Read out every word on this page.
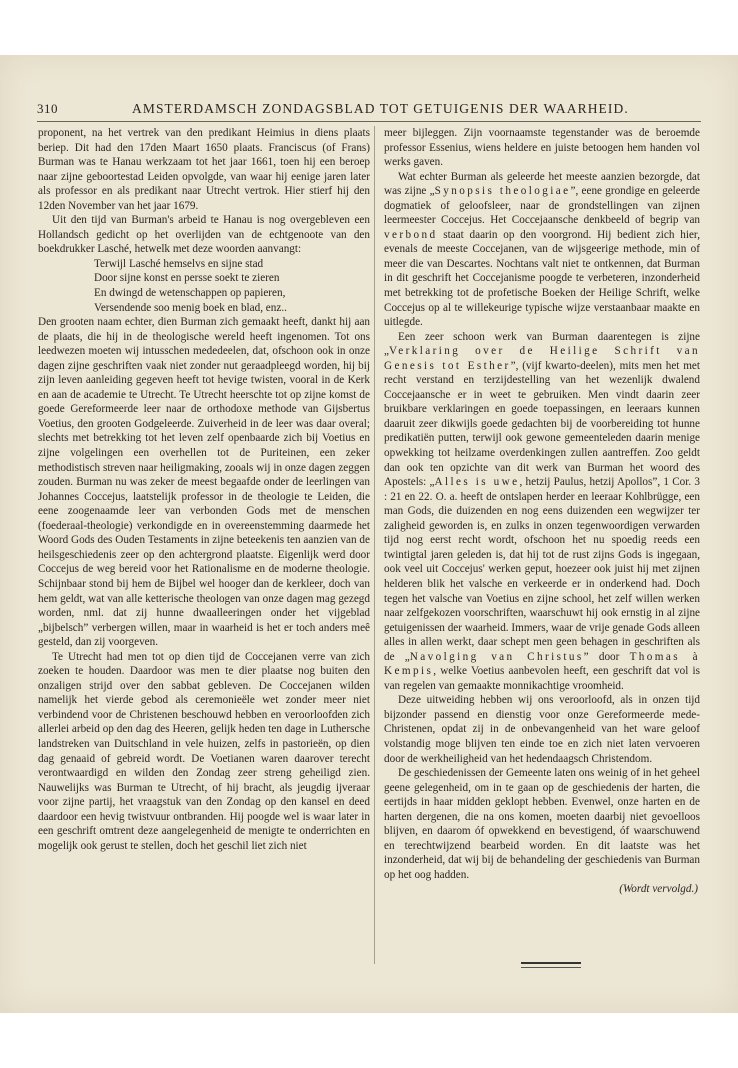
310	AMSTERDAMSCH ZONDAGSBLAD TOT GETUIGENIS DER WAARHEID.

proponent, na het vertrek van den predikant Heimius in diens plaats beriep. Dit had den 17den Maart 1650 plaats. Franciscus (of Frans) Burman was te Hanau werkzaam tot het jaar 1661, toen hij een beroep naar zijne geboortestad Leiden opvolgde, van waar hij eenige jaren later als professor en als predikant naar Utrecht vertrok. Hier stierf hij den 12den November van het jaar 1679.

Uit den tijd van Burman's arbeid te Hanau is nog overgebleven een Hollandsch gedicht op het overlijden van de echtgenoote van den boekdrukker Lasché, hetwelk met deze woorden aanvangt:

Terwijl Lasché hemselvs en sijne stad
Door sijne konst en persse soekt te zieren
En dwingd de wetenschappen op papieren,
Versendende soo menig boek en blad, enz..

Den grooten naam echter, dien Burman zich gemaakt heeft, dankt hij aan de plaats, die hij in de theologische wereld heeft ingenomen. Tot ons leedwezen moeten wij intusschen mededeelen, dat, ofschoon ook in onze dagen zijne geschriften vaak niet zonder nut geraadpleegd worden, hij bij zijn leven aanleiding gegeven heeft tot hevige twisten, vooral in de Kerk en aan de academie te Utrecht. Te Utrecht heerschte tot op zijne komst de goede Gereformeerde leer naar de orthodoxe methode van Gijsbertus Voetius, den grooten Godgeleerde. Zuiverheid in de leer was daar overal; slechts met betrekking tot het leven zelf openbaarde zich bij Voetius en zijne volgelingen een overhellen tot de Puriteinen, een zeker methodistisch streven naar heiligmaking, zooals wij in onze dagen zeggen zouden. Burman nu was zeker de meest begaafde onder de leerlingen van Johannes Coccejus, laatstelijk professor in de theologie te Leiden, die eene zoogenaamde leer van verbonden Gods met de menschen (foederaal-theologie) verkondigde en in overeenstemming daarmede het Woord Gods des Ouden Testaments in zijne beteekenis ten aanzien van de heilsgeschiedenis zeer op den achtergrond plaatste. Eigenlijk werd door Coccejus de weg bereid voor het Rationalisme en de moderne theologie. Schijnbaar stond bij hem de Bijbel wel hooger dan de kerkleer, doch van hem geldt, wat van alle ketterische theologen van onze dagen mag gezegd worden, nml. dat zij hunne dwaalleeringen onder het vijgeblad „bijbelsch” verbergen willen, maar in waarheid is het er toch anders meê gesteld, dan zij voorgeven.

Te Utrecht had men tot op dien tijd de Coccejanen verre van zich zoeken te houden. Daardoor was men te dier plaatse nog buiten den onzaligen strijd over den sabbat gebleven. De Coccejanen wilden namelijk het vierde gebod als ceremonieële wet zonder meer niet verbindend voor de Christenen beschouwd hebben en veroorloofden zich allerlei arbeid op den dag des Heeren, gelijk heden ten dage in Luthersche landstreken van Duitschland in vele huizen, zelfs in pastorieën, op dien dag genaaid of gebreid wordt. De Voetianen waren daarover terecht verontwaardigd en wilden den Zondag zeer streng geheiligd zien. Nauwelijks was Burman te Utrecht, of hij bracht, als jeugdig ijveraar voor zijne partij, het vraagstuk van den Zondag op den kansel en deed daardoor een hevig twistvuur ontbranden. Hij poogde wel is waar later in een geschrift omtrent deze aangelegenheid de menigte te onderrichten en mogelijk ook gerust te stellen, doch het geschil liet zich niet

meer bijleggen. Zijn voornaamste tegenstander was de beroemde professor Essenius, wiens heldere en juiste betoogen hem handen vol werks gaven.

Wat echter Burman als geleerde het meeste aanzien bezorgde, dat was zijne „Synopsis theologiae”, eene grondige en geleerde dogmatiek of geloofsleer, naar de grondstellingen van zijnen leermeester Coccejus. Het Coccejaansche denkbeeld of begrip van verbond staat daarin op den voorgrond. Hij bedient zich hier, evenals de meeste Coccejanen, van de wijsgeerige methode, min of meer die van Descartes. Nochtans valt niet te ontkennen, dat Burman in dit geschrift het Coccejanisme poogde te verbeteren, inzonderheid met betrekking tot de profetische Boeken der Heilige Schrift, welke Coccejus op al te willekeurige typische wijze verstaanbaar maakte en uitlegde.

Een zeer schoon werk van Burman daarentegen is zijne „Verklaring over de Heilige Schrift van Genesis tot Esther”, (vijf kwarto-deelen), mits men het met recht verstand en terzijdestelling van het wezenlijk dwalend Coccejaansche er in weet te gebruiken. Men vindt daarin zeer bruikbare verklaringen en goede toepassingen, en leeraars kunnen daaruit zeer dikwijls goede gedachten bij de voorbereiding tot hunne predikatiën putten, terwijl ook gewone gemeenteleden daarin menige opwekking tot heilzame overdenkingen zullen aantreffen. Zoo geldt dan ook ten opzichte van dit werk van Burman het woord des Apostels: „Alles is uwe, hetzij Paulus, hetzij Apollos”, 1 Cor. 3 : 21 en 22. O. a. heeft de ontslapen herder en leeraar Kohlbrügge, een man Gods, die duizenden en nog eens duizenden een wegwijzer ter zaligheid geworden is, en zulks in onzen tegenwoordigen verwarden tijd nog eerst recht wordt, ofschoon het nu spoedig reeds een twintigtal jaren geleden is, dat hij tot de rust zijns Gods is ingegaan, ook veel uit Coccejus' werken geput, hoezeer ook juist hij met zijnen helderen blik het valsche en verkeerde er in onderkend had. Doch tegen het valsche van Voetius en zijne school, het zelf willen werken naar zelfgekozen voorschriften, waarschuwt hij ook ernstig in al zijne getuigenissen der waarheid. Immers, waar de vrije genade Gods alleen alles in allen werkt, daar schept men geen behagen in geschriften als de „Navolging van Christus” door Thomas à Kempis, welke Voetius aanbevolen heeft, een geschrift dat vol is van regelen van gemaakte monnikachtige vroomheid.

Deze uitweiding hebben wij ons veroorloofd, als in onzen tijd bijzonder passend en dienstig voor onze Gereformeerde mede-Christenen, opdat zij in de onbevangenheid van het ware geloof volstandig moge blijven ten einde toe en zich niet laten vervoeren door de werkheiligheid van het hedendaagsch Christendom.

De geschiedenissen der Gemeente laten ons weinig of in het geheel geene gelegenheid, om in te gaan op de geschiedenis der harten, die eertijds in haar midden geklopt hebben. Evenwel, onze harten en de harten dergenen, die na ons komen, moeten daarbij niet gevoelloos blijven, en daarom óf opwekkend en bevestigend, óf waarschuwend en terechtwijzend bearbeid worden. En dit laatste was het inzonderheid, dat wij bij de behandeling der geschiedenis van Burman op het oog hadden.

(Wordt vervolgd.)
